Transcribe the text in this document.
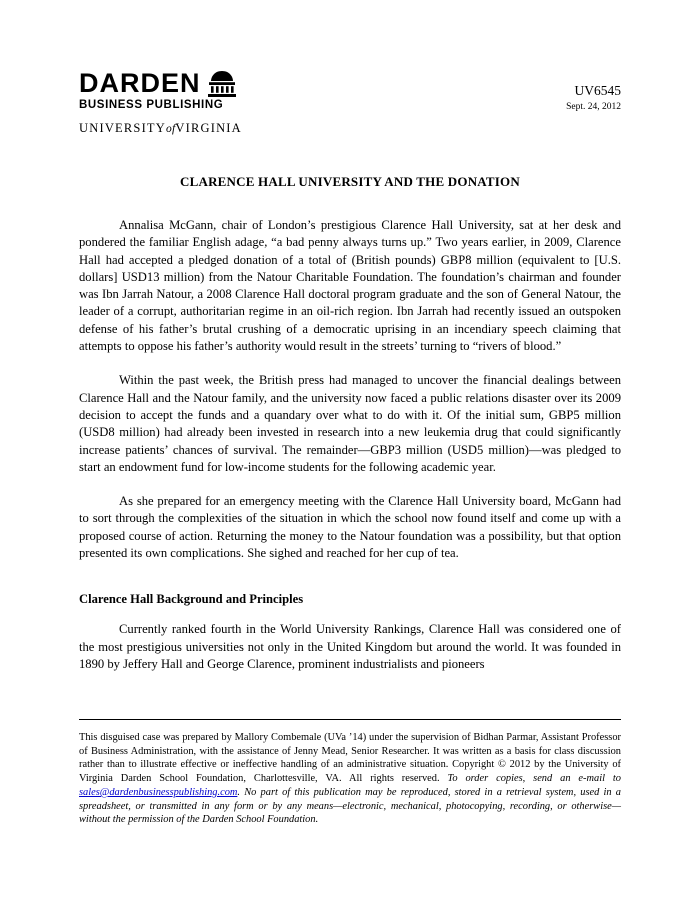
DARDEN
BUSINESS PUBLISHING
UNIVERSITYofVIRGINIA
UV6545
Sept. 24, 2012
CLARENCE HALL UNIVERSITY AND THE DONATION

Annalisa McGann, chair of London’s prestigious Clarence Hall University, sat at her desk and pondered the familiar English adage, “a bad penny always turns up.” Two years earlier, in 2009, Clarence Hall had accepted a pledged donation of a total of (British pounds) GBP8 million (equivalent to [U.S. dollars] USD13 million) from the Natour Charitable Foundation. The foundation’s chairman and founder was Ibn Jarrah Natour, a 2008 Clarence Hall doctoral program graduate and the son of General Natour, the leader of a corrupt, authoritarian regime in an oil-rich region. Ibn Jarrah had recently issued an outspoken defense of his father’s brutal crushing of a democratic uprising in an incendiary speech claiming that attempts to oppose his father’s authority would result in the streets’ turning to “rivers of blood.”

Within the past week, the British press had managed to uncover the financial dealings between Clarence Hall and the Natour family, and the university now faced a public relations disaster over its 2009 decision to accept the funds and a quandary over what to do with it. Of the initial sum, GBP5 million (USD8 million) had already been invested in research into a new leukemia drug that could significantly increase patients’ chances of survival. The remainder—GBP3 million (USD5 million)—was pledged to start an endowment fund for low-income students for the following academic year.

As she prepared for an emergency meeting with the Clarence Hall University board, McGann had to sort through the complexities of the situation in which the school now found itself and come up with a proposed course of action. Returning the money to the Natour foundation was a possibility, but that option presented its own complications. She sighed and reached for her cup of tea.

Clarence Hall Background and Principles

Currently ranked fourth in the World University Rankings, Clarence Hall was considered one of the most prestigious universities not only in the United Kingdom but around the world. It was founded in 1890 by Jeffery Hall and George Clarence, prominent industrialists and pioneers

This disguised case was prepared by Mallory Combemale (UVa ’14) under the supervision of Bidhan Parmar, Assistant Professor of Business Administration, with the assistance of Jenny Mead, Senior Researcher. It was written as a basis for class discussion rather than to illustrate effective or ineffective handling of an administrative situation. Copyright © 2012 by the University of Virginia Darden School Foundation, Charlottesville, VA. All rights reserved. To order copies, send an e-mail to sales@dardenbusinesspublishing.com. No part of this publication may be reproduced, stored in a retrieval system, used in a spreadsheet, or transmitted in any form or by any means—electronic, mechanical, photocopying, recording, or otherwise—without the permission of the Darden School Foundation.
